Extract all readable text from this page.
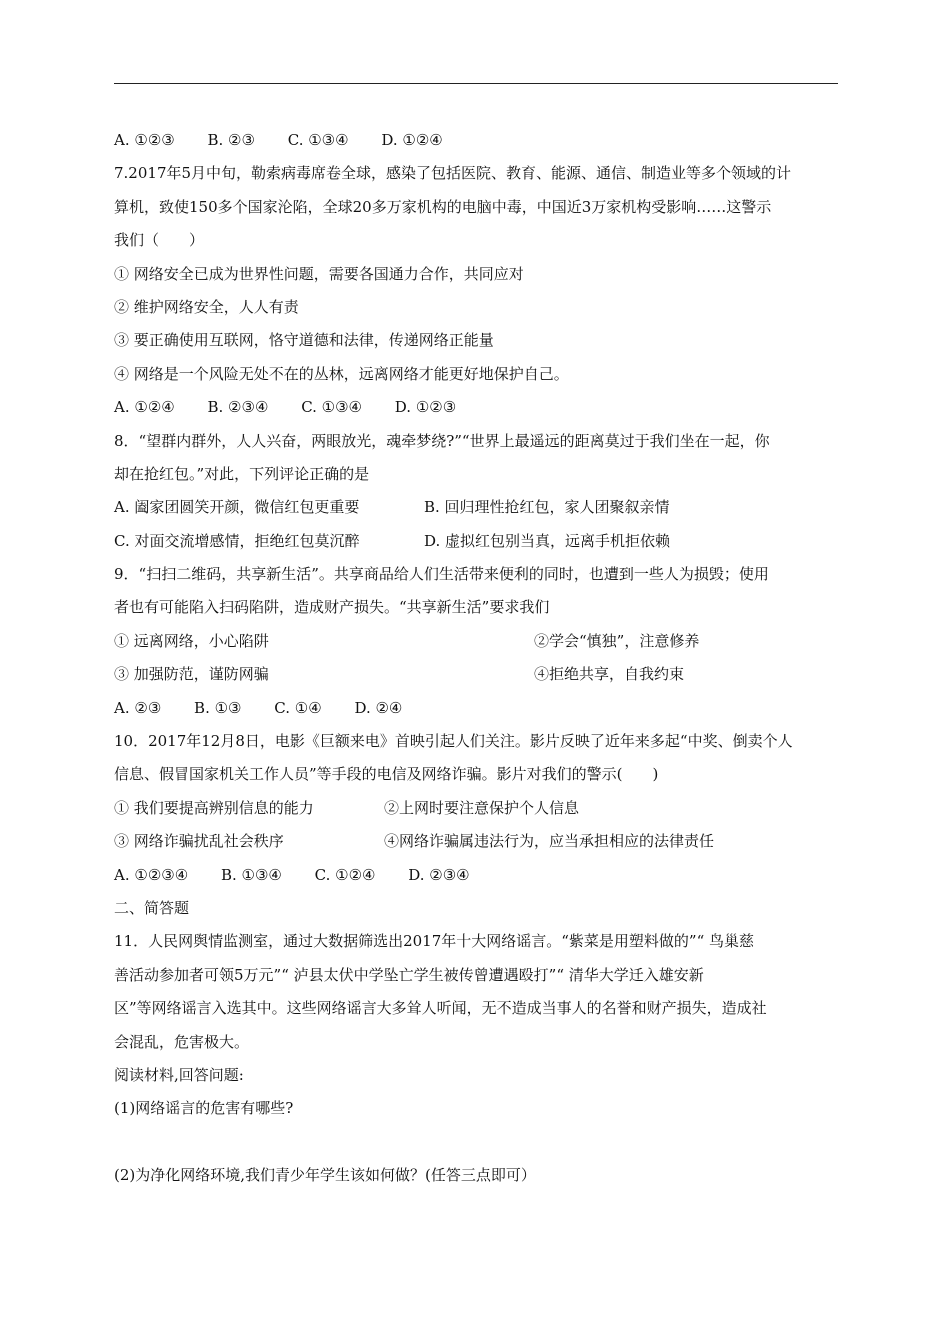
A. ①②③ B. ②③ C. ①③④ D. ①②④
7.2017年5月中旬，勒索病毒席卷全球，感染了包括医院、教育、能源、通信、制造业等多个领域的计
算机，致使150多个国家沦陷，全球20多万家机构的电脑中毒，中国近3万家机构受影响……这警示
我们（　　）
① 网络安全已成为世界性问题，需要各国通力合作，共同应对
② 维护网络安全，人人有责
③ 要正确使用互联网，恪守道德和法律，传递网络正能量
④ 网络是一个风险无处不在的丛林，远离网络才能更好地保护自己。
A. ①②④ B. ②③④ C. ①③④ D. ①②③
8．“望群内群外，人人兴奋，两眼放光，魂牵梦绕?”“世界上最遥远的距离莫过于我们坐在一起，你
却在抢红包。”对此，下列评论正确的是
A. 阖家团圆笑开颜，微信红包更重要	B. 回归理性抢红包，家人团聚叙亲情
C. 对面交流增感情，拒绝红包莫沉醉	D. 虚拟红包别当真，远离手机拒依赖
9．“扫扫二维码，共享新生活”。共享商品给人们生活带来便利的同时，也遭到一些人为损毁；使用
者也有可能陷入扫码陷阱，造成财产损失。“共享新生活”要求我们
① 远离网络，小心陷阱	②学会“慎独”，注意修养
③ 加强防范，谨防网骗	④拒绝共享，自我约束
A. ②③ B. ①③ C. ①④ D. ②④
10．2017年12月8日，电影《巨额来电》首映引起人们关注。影片反映了近年来多起“中奖、倒卖个人
信息、假冒国家机关工作人员”等手段的电信及网络诈骗。影片对我们的警示(　　)
① 我们要提高辨别信息的能力	②上网时要注意保护个人信息
③ 网络诈骗扰乱社会秩序	④网络诈骗属违法行为，应当承担相应的法律责任
A. ①②③④ B. ①③④ C. ①②④ D. ②③④
二、简答题
11．人民网舆情监测室，通过大数据筛选出2017年十大网络谣言。“紫菜是用塑料做的”“ 鸟巢慈
善活动参加者可领5万元”“ 泸县太伏中学坠亡学生被传曾遭遇殴打”“ 清华大学迁入雄安新
区”等网络谣言入选其中。这些网络谣言大多耸人听闻，无不造成当事人的名誉和财产损失，造成社
会混乱，危害极大。
阅读材料,回答问题:
(1)网络谣言的危害有哪些?
(2)为净化网络环境,我们青少年学生该如何做？(任答三点即可）
